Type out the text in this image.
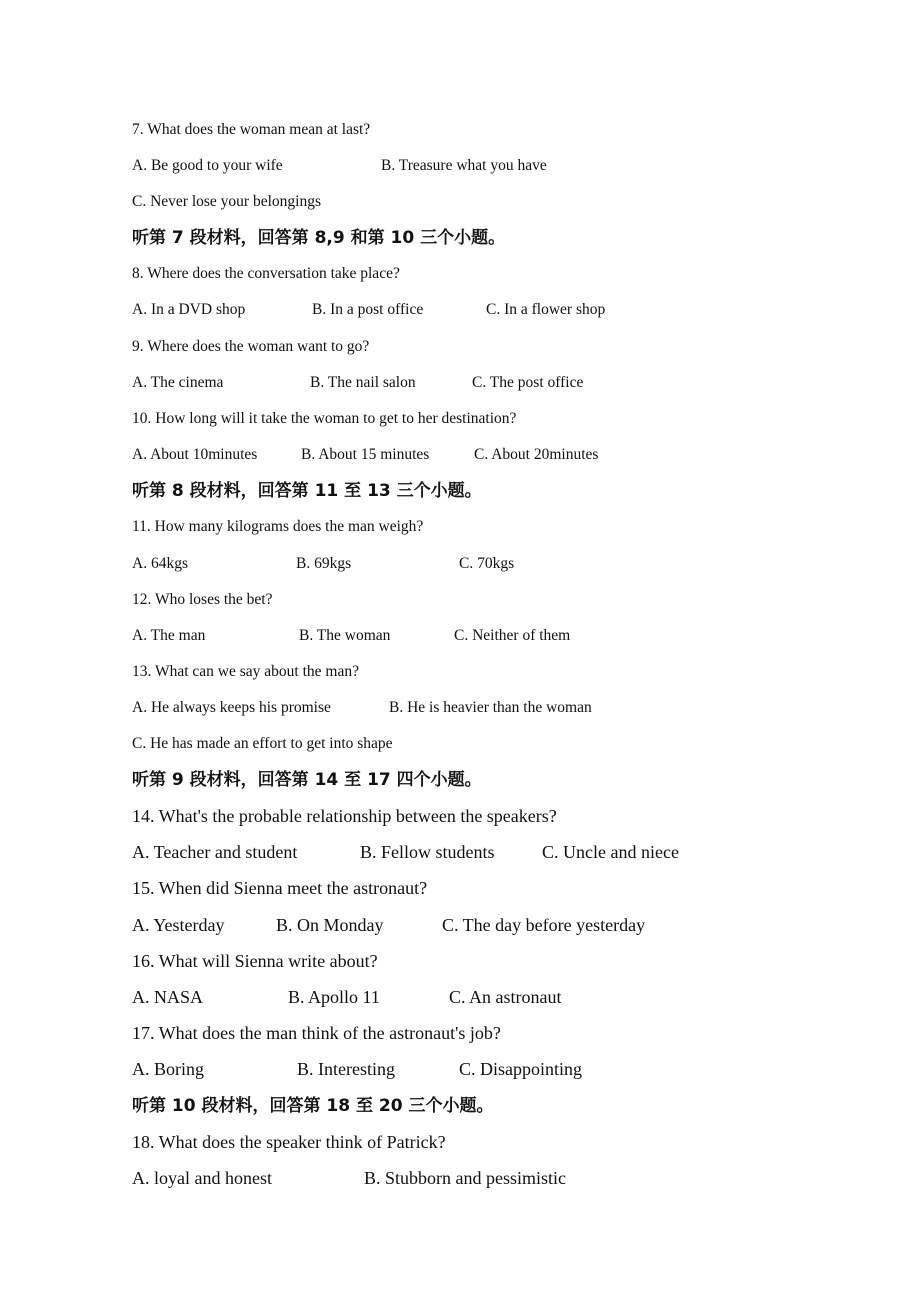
7. What does the woman mean at last?
A. Be good to your wife	B. Treasure what you have
C. Never lose your belongings
听第 7 段材料，回答第 8,9 和第 10 三个小题。
8. Where does the conversation take place?
A. In a DVD shop	B. In a post office	C. In a flower shop
9. Where does the woman want to go?
A. The cinema	B. The nail salon	C. The post office
10. How long will it take the woman to get to her destination?
A. About 10minutes	B. About 15 minutes	C. About 20minutes
听第 8 段材料，回答第 11 至 13 三个小题。
11. How many kilograms does the man weigh?
A. 64kgs	B. 69kgs	C. 70kgs
12. Who loses the bet?
A. The man	B. The woman	C. Neither of them
13. What can we say about the man?
A. He always keeps his promise	B. He is heavier than the woman
C. He has made an effort to get into shape
听第 9 段材料，回答第 14 至 17 四个小题。
14. What's the probable relationship between the speakers?
A. Teacher and student	B. Fellow students	C. Uncle and niece
15. When did Sienna meet the astronaut?
A. Yesterday	B. On Monday	C. The day before yesterday
16. What will Sienna write about?
A. NASA	B. Apollo 11	C. An astronaut
17. What does the man think of the astronaut's job?
A. Boring	B. Interesting	C. Disappointing
听第 10 段材料，回答第 18 至 20 三个小题。
18. What does the speaker think of Patrick?
A. loyal and honest	B. Stubborn and pessimistic
